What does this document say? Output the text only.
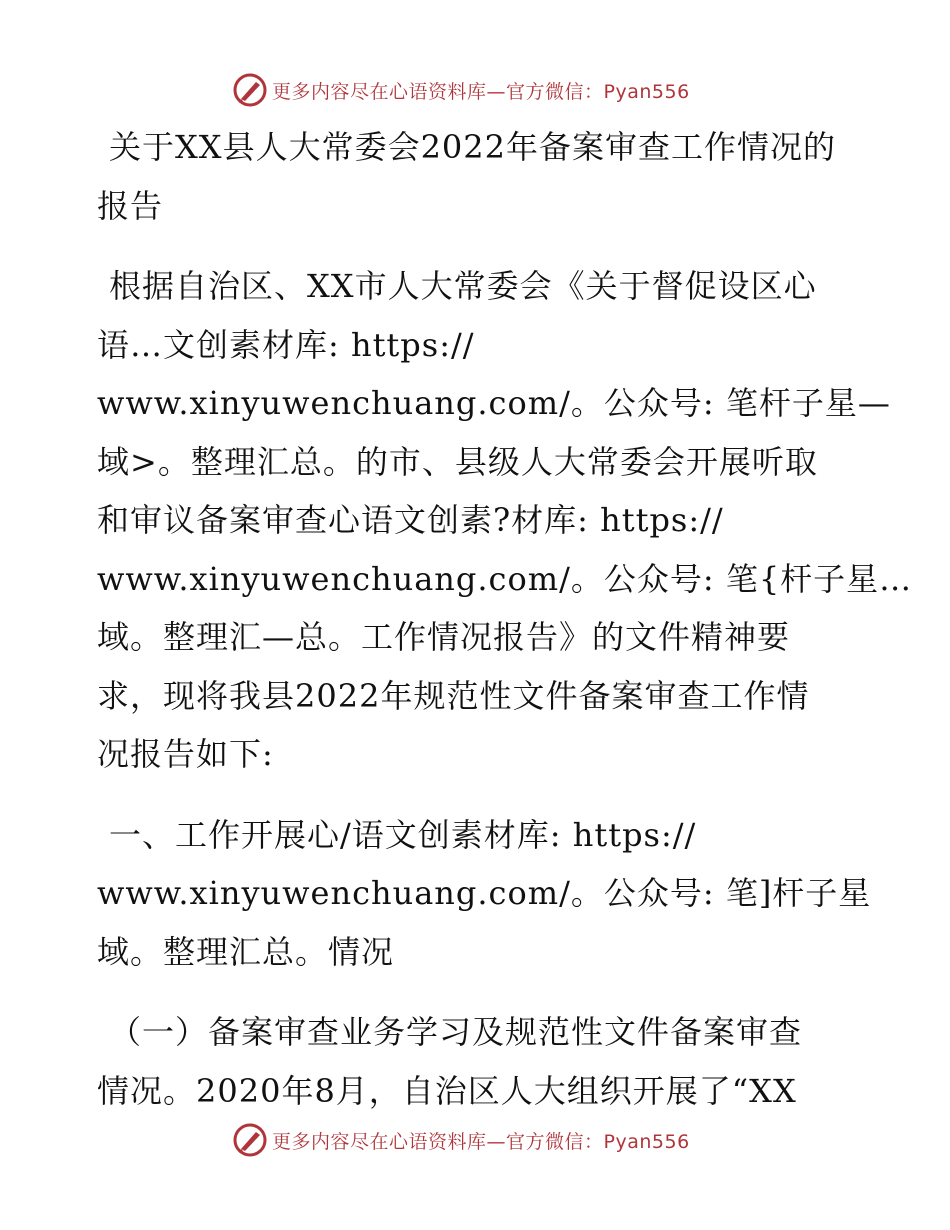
更多内容尽在心语资料库—官方微信：Pyan556
关于XX县人大常委会2022年备案审查工作情况的
报告
根据自治区、XX市人大常委会《关于督促设区心
语…文创素材库: https://
www.xinyuwenchuang.com/。公众号: 笔杆子星—
域>。整理汇总。的市、县级人大常委会开展听取
和审议备案审查心语文创素?材库: https://
www.xinyuwenchuang.com/。公众号: 笔{杆子星…
域。整理汇—总。工作情况报告》的文件精神要
求，现将我县2022年规范性文件备案审查工作情
况报告如下:
一、工作开展心/语文创素材库: https://
www.xinyuwenchuang.com/。公众号: 笔]杆子星
域。整理汇总。情况
（一）备案审查业务学习及规范性文件备案审查
情况。2020年8月，自治区人大组织开展了“XX
更多内容尽在心语资料库—官方微信：Pyan556
